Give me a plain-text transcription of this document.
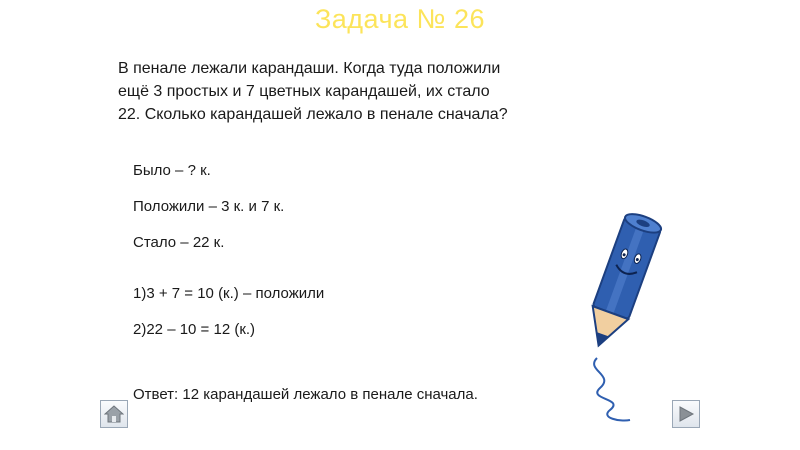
Задача № 26
В пенале лежали карандаши. Когда туда положили ещё 3 простых и 7 цветных карандашей, их стало 22. Сколько карандашей лежало в пенале сначала?
Было – ? к.
Положили – 3 к. и 7 к.
Стало – 22 к.
1)3 + 7 = 10 (к.) – положили
2)22 – 10 = 12 (к.)
Ответ: 12 карандашей лежало в пенале сначала.
